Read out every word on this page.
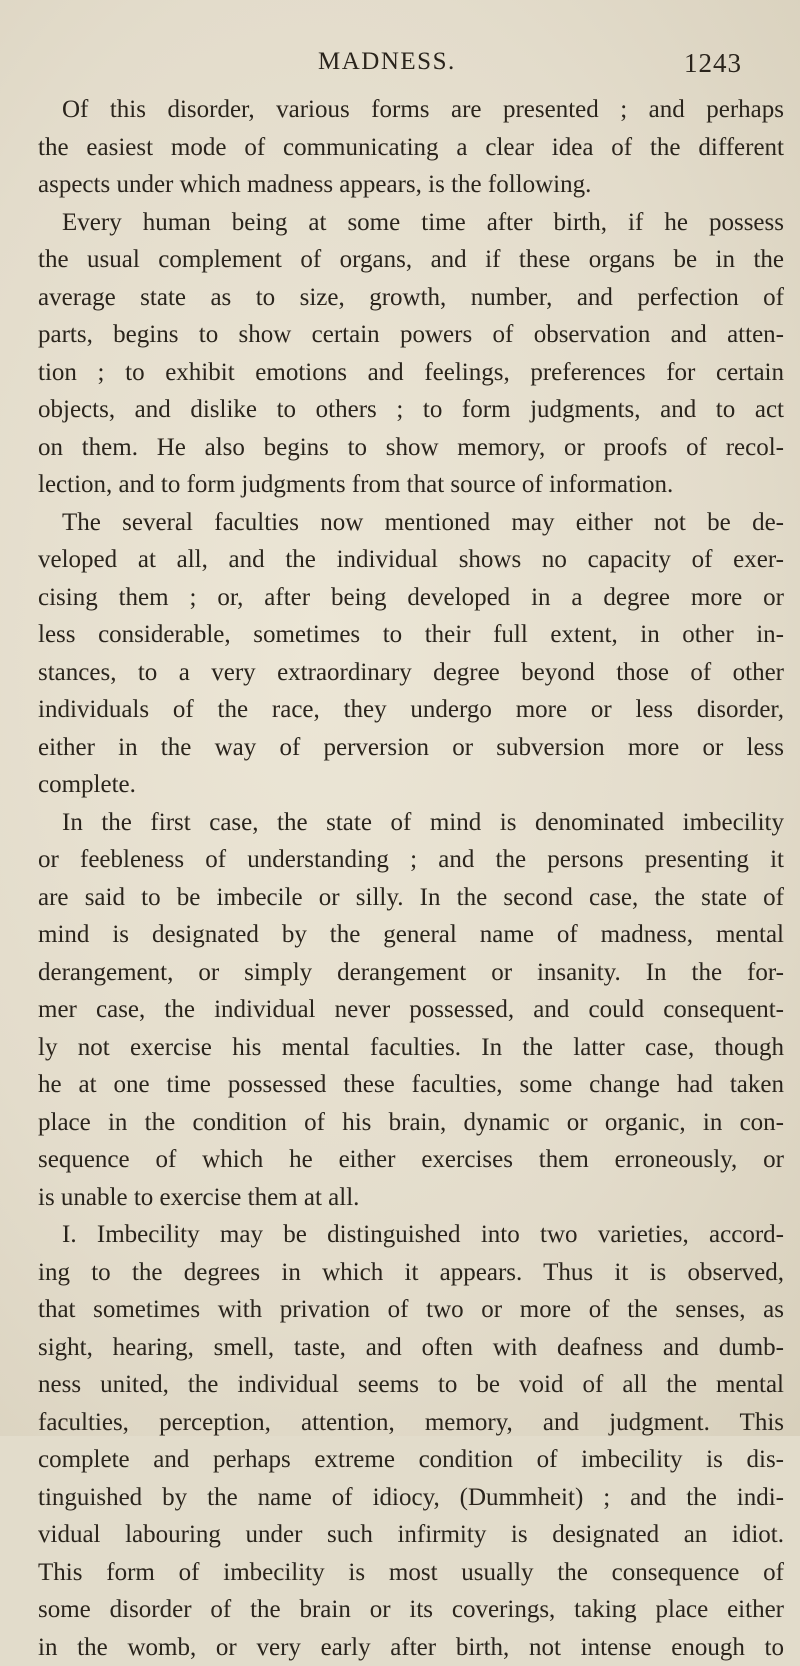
MADNESS.	1243
Of this disorder, various forms are presented ; and perhaps
the easiest mode of communicating a clear idea of the different
aspects under which madness appears, is the following.
Every human being at some time after birth, if he possess
the usual complement of organs, and if these organs be in the
average state as to size, growth, number, and perfection of
parts, begins to show certain powers of observation and atten-
tion ; to exhibit emotions and feelings, preferences for certain
objects, and dislike to others ; to form judgments, and to act
on them. He also begins to show memory, or proofs of recol-
lection, and to form judgments from that source of information.
The several faculties now mentioned may either not be de-
veloped at all, and the individual shows no capacity of exer-
cising them ; or, after being developed in a degree more or
less considerable, sometimes to their full extent, in other in-
stances, to a very extraordinary degree beyond those of other
individuals of the race, they undergo more or less disorder,
either in the way of perversion or subversion more or less
complete.
In the first case, the state of mind is denominated imbecility
or feebleness of understanding ; and the persons presenting it
are said to be imbecile or silly. In the second case, the state of
mind is designated by the general name of madness, mental
derangement, or simply derangement or insanity. In the for-
mer case, the individual never possessed, and could consequent-
ly not exercise his mental faculties. In the latter case, though
he at one time possessed these faculties, some change had taken
place in the condition of his brain, dynamic or organic, in con-
sequence of which he either exercises them erroneously, or
is unable to exercise them at all.
I. Imbecility may be distinguished into two varieties, accord-
ing to the degrees in which it appears. Thus it is observed,
that sometimes with privation of two or more of the senses, as
sight, hearing, smell, taste, and often with deafness and dumb-
ness united, the individual seems to be void of all the mental
faculties, perception, attention, memory, and judgment. This
complete and perhaps extreme condition of imbecility is dis-
tinguished by the name of idiocy, (Dummheit) ; and the indi-
vidual labouring under such infirmity is designated an idiot.
This form of imbecility is most usually the consequence of
some disorder of the brain or its coverings, taking place either
in the womb, or very early after birth, not intense enough to
